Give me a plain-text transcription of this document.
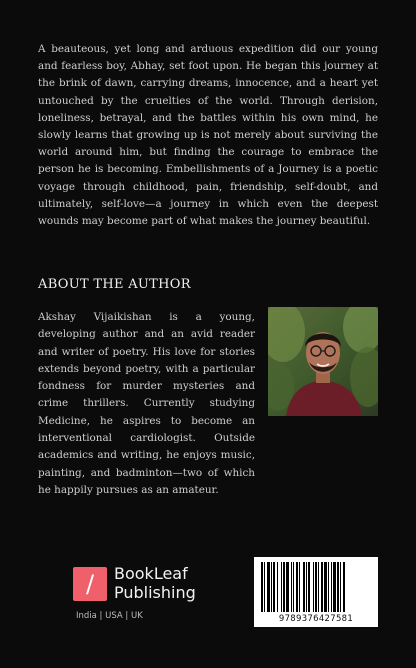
A beauteous, yet long and arduous expedition did our young and fearless boy, Abhay, set foot upon. He began this journey at the brink of dawn, carrying dreams, innocence, and a heart yet untouched by the cruelties of the world. Through derision, loneliness, betrayal, and the battles within his own mind, he slowly learns that growing up is not merely about surviving the world around him, but finding the courage to embrace the person he is becoming. Embellishments of a Journey is a poetic voyage through childhood, pain, friendship, self-doubt, and ultimately, self-love—a journey in which even the deepest wounds may become part of what makes the journey beautiful.

ABOUT THE AUTHOR

Akshay Vijaikishan is a young, developing author and an avid reader and writer of poetry. His love for stories extends beyond poetry, with a particular fondness for murder mysteries and crime thrillers. Currently studying Medicine, he aspires to become an interventional cardiologist. Outside academics and writing, he enjoys music, painting, and badminton—two of which he happily pursues as an amateur.

/	BookLeaf
Publishing
India | USA | UK	9789376427581
